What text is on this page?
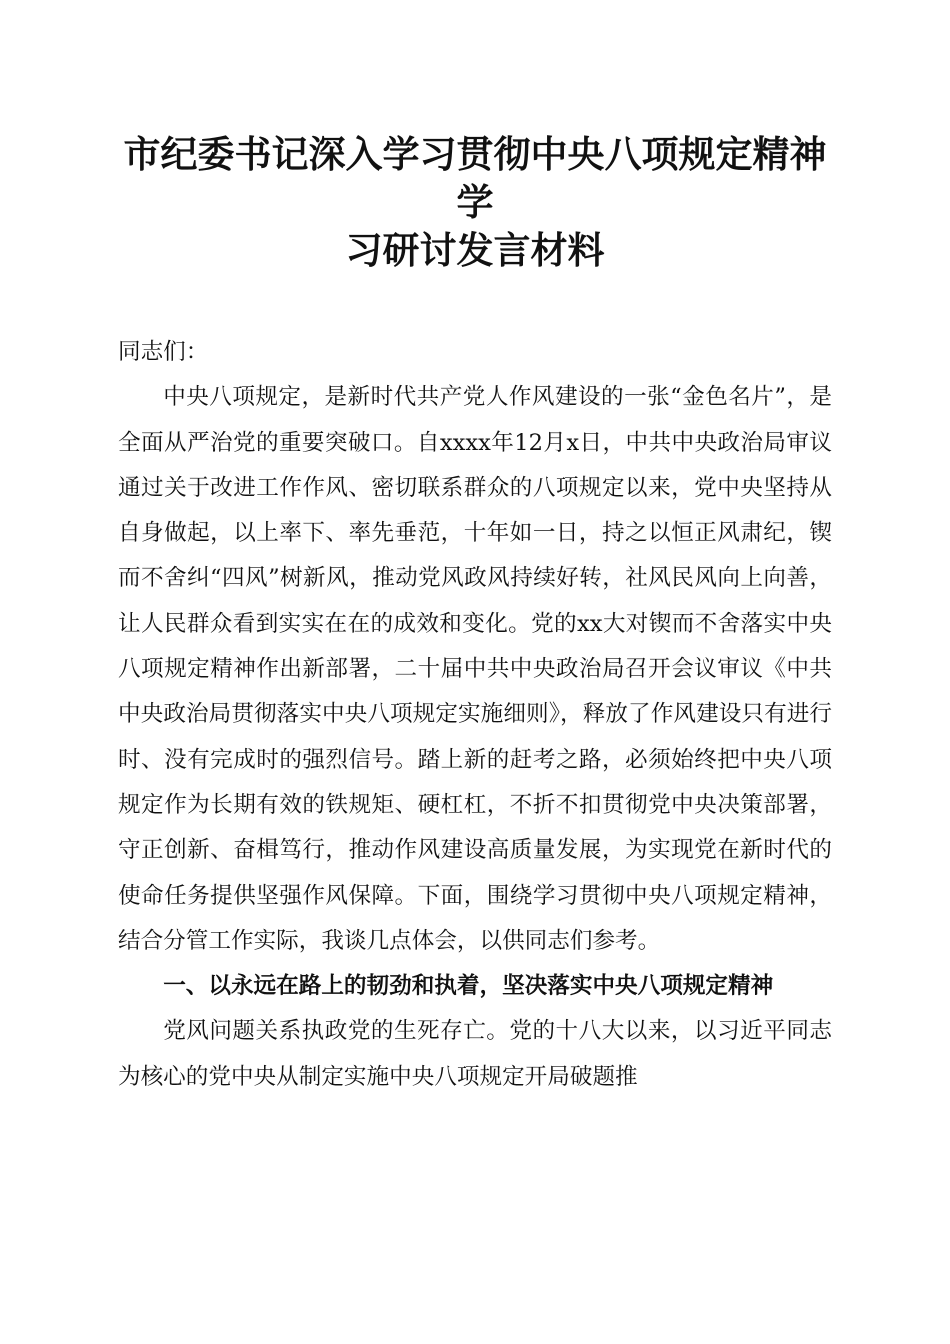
市纪委书记深入学习贯彻中央八项规定精神学
习研讨发言材料

同志们：

中央八项规定，是新时代共产党人作风建设的一张“金色名片”，是全面从严治党的重要突破口。自xxxx年12月x日，中共中央政治局审议通过关于改进工作作风、密切联系群众的八项规定以来，党中央坚持从自身做起，以上率下、率先垂范，十年如一日，持之以恒正风肃纪，锲而不舍纠“四风”树新风，推动党风政风持续好转，社风民风向上向善，让人民群众看到实实在在的成效和变化。党的xx大对锲而不舍落实中央八项规定精神作出新部署，二十届中共中央政治局召开会议审议《中共中央政治局贯彻落实中央八项规定实施细则》，释放了作风建设只有进行时、没有完成时的强烈信号。踏上新的赶考之路，必须始终把中央八项规定作为长期有效的铁规矩、硬杠杠，不折不扣贯彻党中央决策部署，守正创新、奋楫笃行，推动作风建设高质量发展，为实现党在新时代的使命任务提供坚强作风保障。下面，围绕学习贯彻中央八项规定精神，结合分管工作实际，我谈几点体会，以供同志们参考。

一、以永远在路上的韧劲和执着，坚决落实中央八项规定精神

党风问题关系执政党的生死存亡。党的十八大以来，以习近平同志为核心的党中央从制定实施中央八项规定开局破题推
